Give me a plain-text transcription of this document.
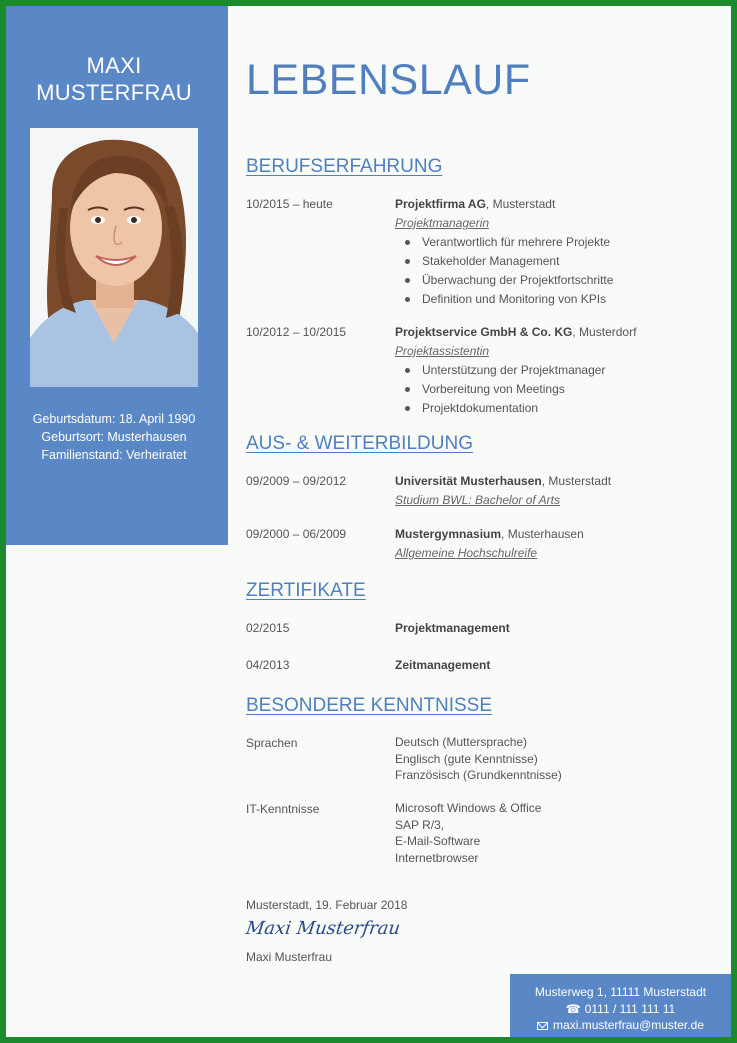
MAXI
MUSTERFRAU
Geburtsdatum: 18. April 1990
Geburtsort: Musterhausen
Familienstand: Verheiratet
LEBENSLAUF
BERUFSERFAHRUNG
10/2015 – heute	Projektfirma AG, Musterstadt
Projektmanagerin
Verantwortlich für mehrere Projekte
Stakeholder Management
Überwachung der Projektfortschritte
Definition und Monitoring von KPIs
10/2012 – 10/2015	Projektservice GmbH & Co. KG, Musterdorf
Projektassistentin
Unterstützung der Projektmanager
Vorbereitung von Meetings
Projektdokumentation
AUS- & WEITERBILDUNG
09/2009 – 09/2012	Universität Musterhausen, Musterstadt
Studium BWL: Bachelor of Arts
09/2000 – 06/2009	Mustergymnasium, Musterhausen
Allgemeine Hochschulreife
ZERTIFIKATE
02/2015	Projektmanagement
04/2013	Zeitmanagement
BESONDERE KENNTNISSE
Sprachen	Deutsch (Muttersprache)
Englisch (gute Kenntnisse)
Französisch (Grundkenntnisse)
IT-Kenntnisse	Microsoft Windows & Office
SAP R/3,
E-Mail-Software
Internetbrowser
Musterstadt, 19. Februar 2018
Maxi Musterfrau
Maxi Musterfrau
Musterweg 1, 11111 Musterstadt
☎ 0111 / 111 111 11
maxi.musterfrau@muster.de
